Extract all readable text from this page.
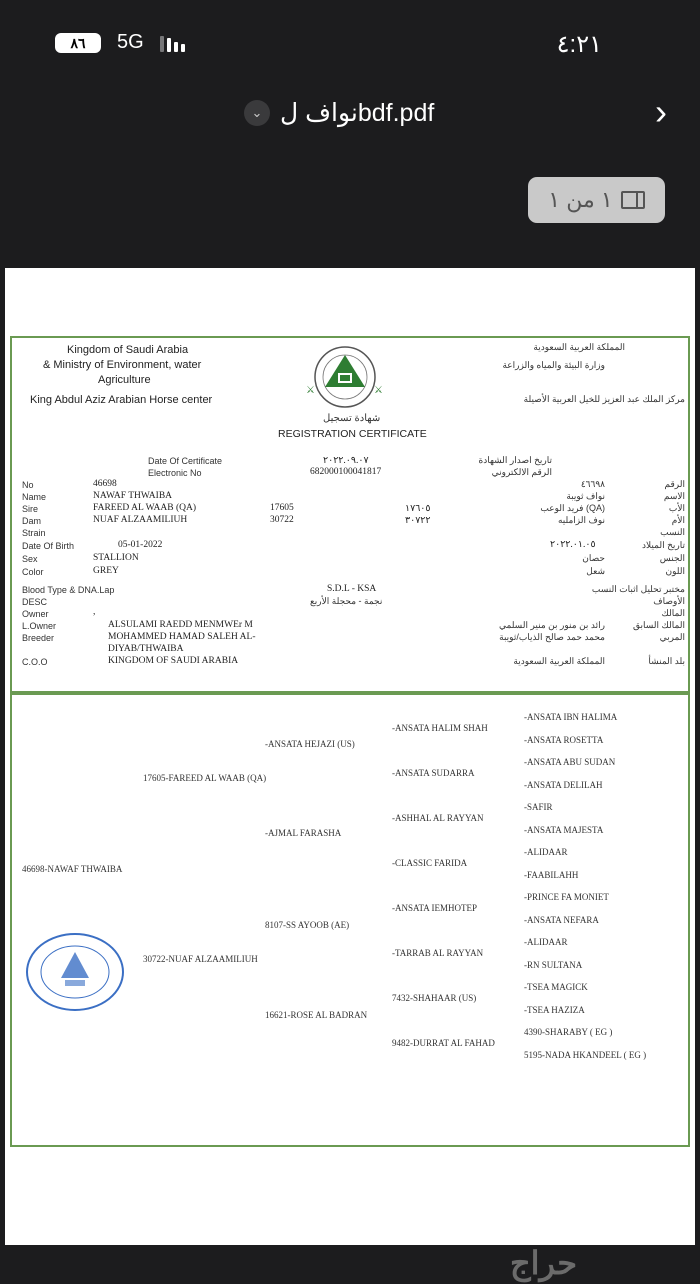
٨٦	5G	٤:٢١
⌄ نواف لbdf.pdf	›
١ من ١
Kingdom of Saudi Arabia
& Ministry of Environment, water
Agriculture
King Abdul Aziz Arabian Horse center
⚔	⚔
شهادة تسجيل
REGISTRATION CERTIFICATE
المملكة العربية السعودية
وزارة البيئة والمياه والزراعة
مركز الملك عبد العزيز للخيل العربية الأصيلة
Date Of Certificate	٢٠٢٢.٠٩.٠٧	تاريخ اصدار الشهادة
Electronic No	682000100041817	الرقم الالكتروني
No	46698	٤٦٦٩٨	الرقم
Name	NAWAF THWAIBA	نواف ثويبة	الاسم
Sire	FAREED AL WAAB (QA)	17605	١٧٦٠٥	(QA) فريد الوعب	الأب
Dam	NUAF ALZAAMILIUH	30722	٣٠٧٢٢	نوف الزامليه	الأم
Strain	النسب
Date Of Birth	05-01-2022	٢٠٢٢.٠١.٠٥	تاريخ الميلاد
Sex	STALLION	حصان	الجنس
Color	GREY	شعل	اللون
Blood Type & DNA.Lap	S.D.L - KSA	مختبر تحليل اثبات النسب
DESC	نجمة - محجلة الأربع	الأوصاف
Owner	,	المالك
L.Owner	ALSULAMI RAEDD MENMWEr M	رائد بن منور بن منير السلمي	المالك السابق
Breeder	MOHAMMED HAMAD SALEH AL-
DIYAB/THWAIBA
محمد حمد صالح الذياب/ثويبة	المربي
C.O.O	KINGDOM OF SAUDI ARABIA	المملكة العربية السعودية	بلد المنشأ
46698-NAWAF THWAIBA
17605-FAREED AL WAAB (QA)
30722-NUAF ALZAAMILIUH
-ANSATA HEJAZI (US)
-AJMAL FARASHA
8107-SS AYOOB (AE)
16621-ROSE AL BADRAN
-ANSATA HALIM SHAH
-ANSATA SUDARRA
-ASHHAL AL RAYYAN
-CLASSIC FARIDA
-ANSATA IEMHOTEP
-TARRAB AL RAYYAN
7432-SHAHAAR (US)
9482-DURRAT AL FAHAD
-ANSATA IBN HALIMA
-ANSATA ROSETTA
-ANSATA ABU SUDAN
-ANSATA DELILAH
-SAFIR
-ANSATA MAJESTA
-ALIDAAR
-FAABILAHH
-PRINCE FA MONIET
-ANSATA NEFARA
-ALIDAAR
-RN SULTANA
-TSEA MAGICK
-TSEA HAZIZA
4390-SHARABY ( EG )
5195-NADA HKANDEEL ( EG )
حراج
